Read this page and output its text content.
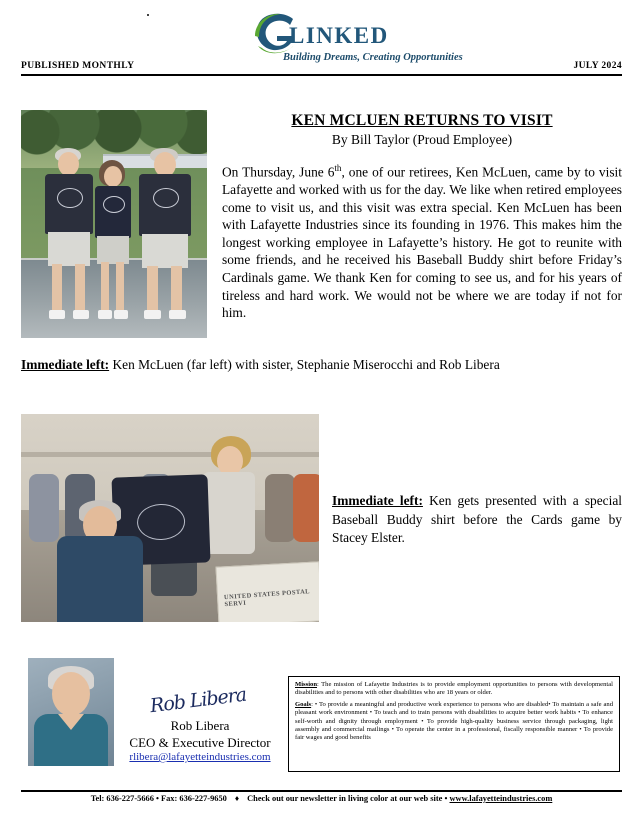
LINKED
Building Dreams, Creating Opportunities
PUBLISHED MONTHLY	JULY 2024
KEN MCLUEN RETURNS TO VISIT
By Bill Taylor (Proud Employee)
On Thursday, June 6th, one of our retirees, Ken McLuen, came by to visit Lafayette and worked with us for the day. We like when retired employees come to visit us, and this visit was extra special. Ken McLuen has been with Lafayette Industries since its founding in 1976. This makes him the longest working employee in Lafayette’s history. He got to reunite with some friends, and he received his Baseball Buddy shirt before Friday’s Cardinals game. We thank Ken for coming to see us, and for his years of tireless and hard work. We would not be where we are today if not for him.
Immediate left: Ken McLuen (far left) with sister, Stephanie Miserocchi and Rob Libera
UNITED STATES POSTAL SERVI
Immediate left: Ken gets presented with a special Baseball Buddy shirt before the Cards game by Stacey Elster.
Rob Libera
Rob Libera
CEO & Executive Director
rlibera@lafayetteindustries.com

Mission: The mission of Lafayette Industries is to provide employment opportunities to persons with developmental disabilities and to persons with other disabilities who are 18 years or older.

Goals: • To provide a meaningful and productive work experience to persons who are disabled• To maintain a safe and pleasant work environment • To teach and to train persons with disabilities to acquire better work habits • To enhance self-worth and dignity through employment • To provide high-quality business service through packaging, light assembly and commercial mailings • To operate the center in a professional, fiscally responsible manner • To provide fair wages and good benefits

Tel: 636-227-5666 • Fax: 636-227-9650 ♦ Check out our newsletter in living color at our web site • www.lafayetteindustries.com
